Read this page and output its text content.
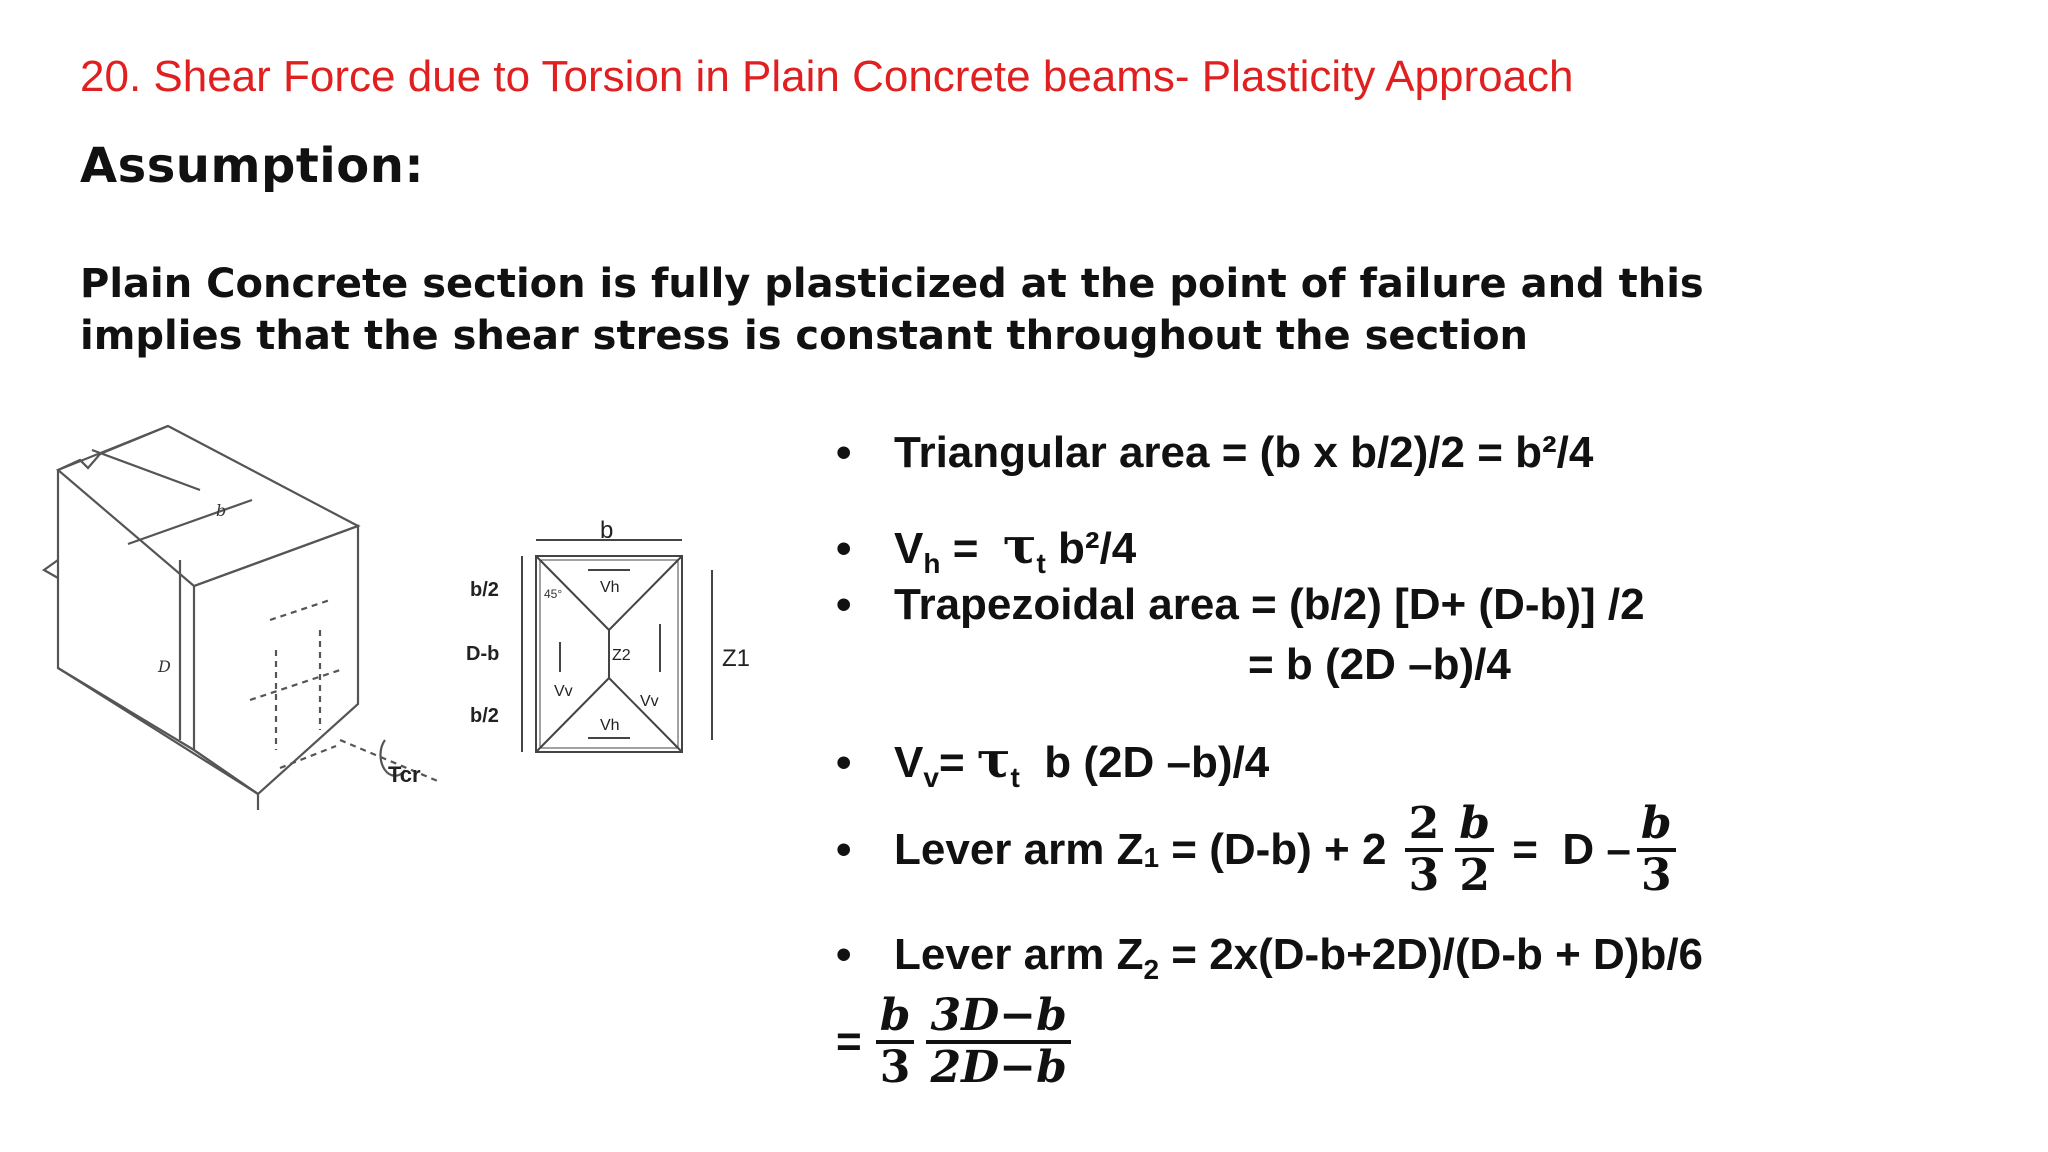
20. Shear Force due to Torsion in Plain Concrete beams- Plasticity Approach
Assumption:
Plain Concrete section is fully plasticized at the point of failure and this implies that the shear stress is constant throughout the section
b
D
Tcr
b
b/2
D-b
b/2
45° Vh
Vh
Vv
Vv
Z2	Z1
• Triangular area = (b x b/2)/2 = b²/4
• $V_h = \tau_t$ b²/4
• Trapezoidal area = (b/2) [D+ (D-b)] /2
= b (2D –b)/4
• $V_v= \tau_t$  b (2D –b)/4
• Lever arm Z $1 = (D-b) + 2 \frac{2}{3} \frac{b}{2} = D - \frac{b}{3}$
• Lever arm $Z_2 = 2x(D-b+2D)/(D-b + D)b/6$
= $\frac{b}{3} \frac{3D-b}{2D-b}$
